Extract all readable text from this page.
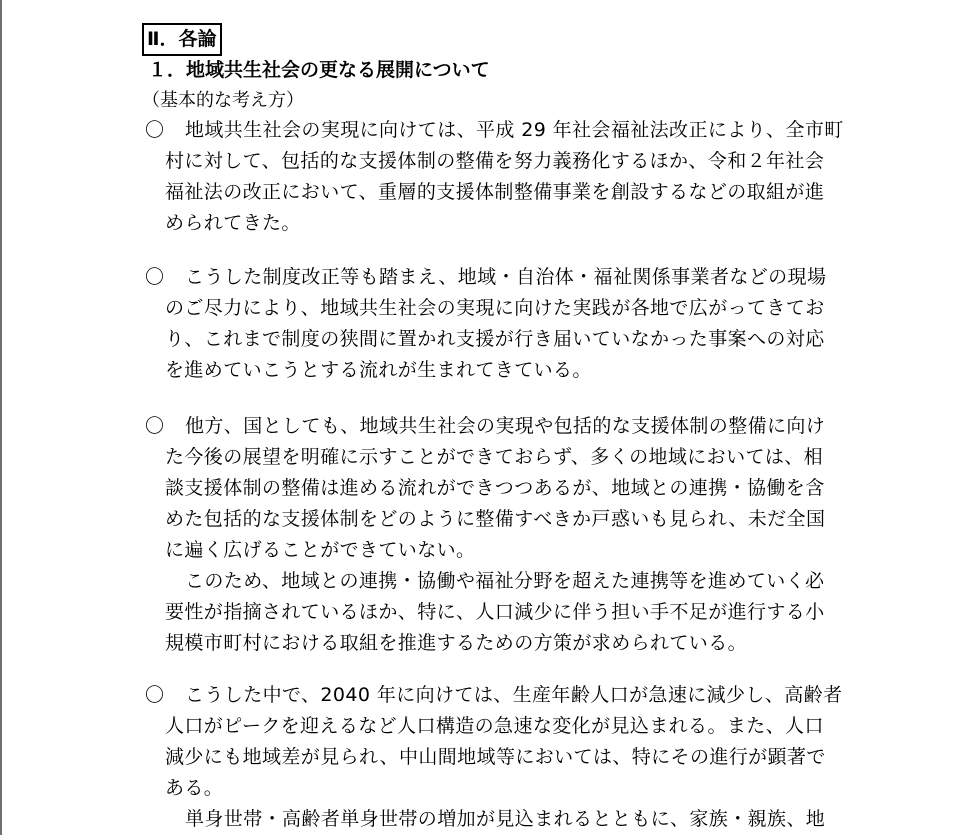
Ⅱ．各論
１．地域共生社会の更なる展開について
（基本的な考え方）
〇 地域共生社会の実現に向けては、平成 29 年社会福祉法改正により、全市町
村に対して、包括的な支援体制の整備を努力義務化するほか、令和２年社会
福祉法の改正において、重層的支援体制整備事業を創設するなどの取組が進
められてきた。
〇 こうした制度改正等も踏まえ、地域・自治体・福祉関係事業者などの現場
のご尽力により、地域共生社会の実現に向けた実践が各地で広がってきてお
り、これまで制度の狭間に置かれ支援が行き届いていなかった事案への対応
を進めていこうとする流れが生まれてきている。
〇 他方、国としても、地域共生社会の実現や包括的な支援体制の整備に向け
た今後の展望を明確に示すことができておらず、多くの地域においては、相
談支援体制の整備は進める流れができつつあるが、地域との連携・協働を含
めた包括的な支援体制をどのように整備すべきか戸惑いも見られ、未だ全国
に遍く広げることができていない。
このため、地域との連携・協働や福祉分野を超えた連携等を進めていく必
要性が指摘されているほか、特に、人口減少に伴う担い手不足が進行する小
規模市町村における取組を推進するための方策が求められている。
〇 こうした中で、2040 年に向けては、生産年齢人口が急速に減少し、高齢者
人口がピークを迎えるなど人口構造の急速な変化が見込まれる。また、人口
減少にも地域差が見られ、中山間地域等においては、特にその進行が顕著で
ある。
単身世帯・高齢者単身世帯の増加が見込まれるとともに、家族・親族、地
